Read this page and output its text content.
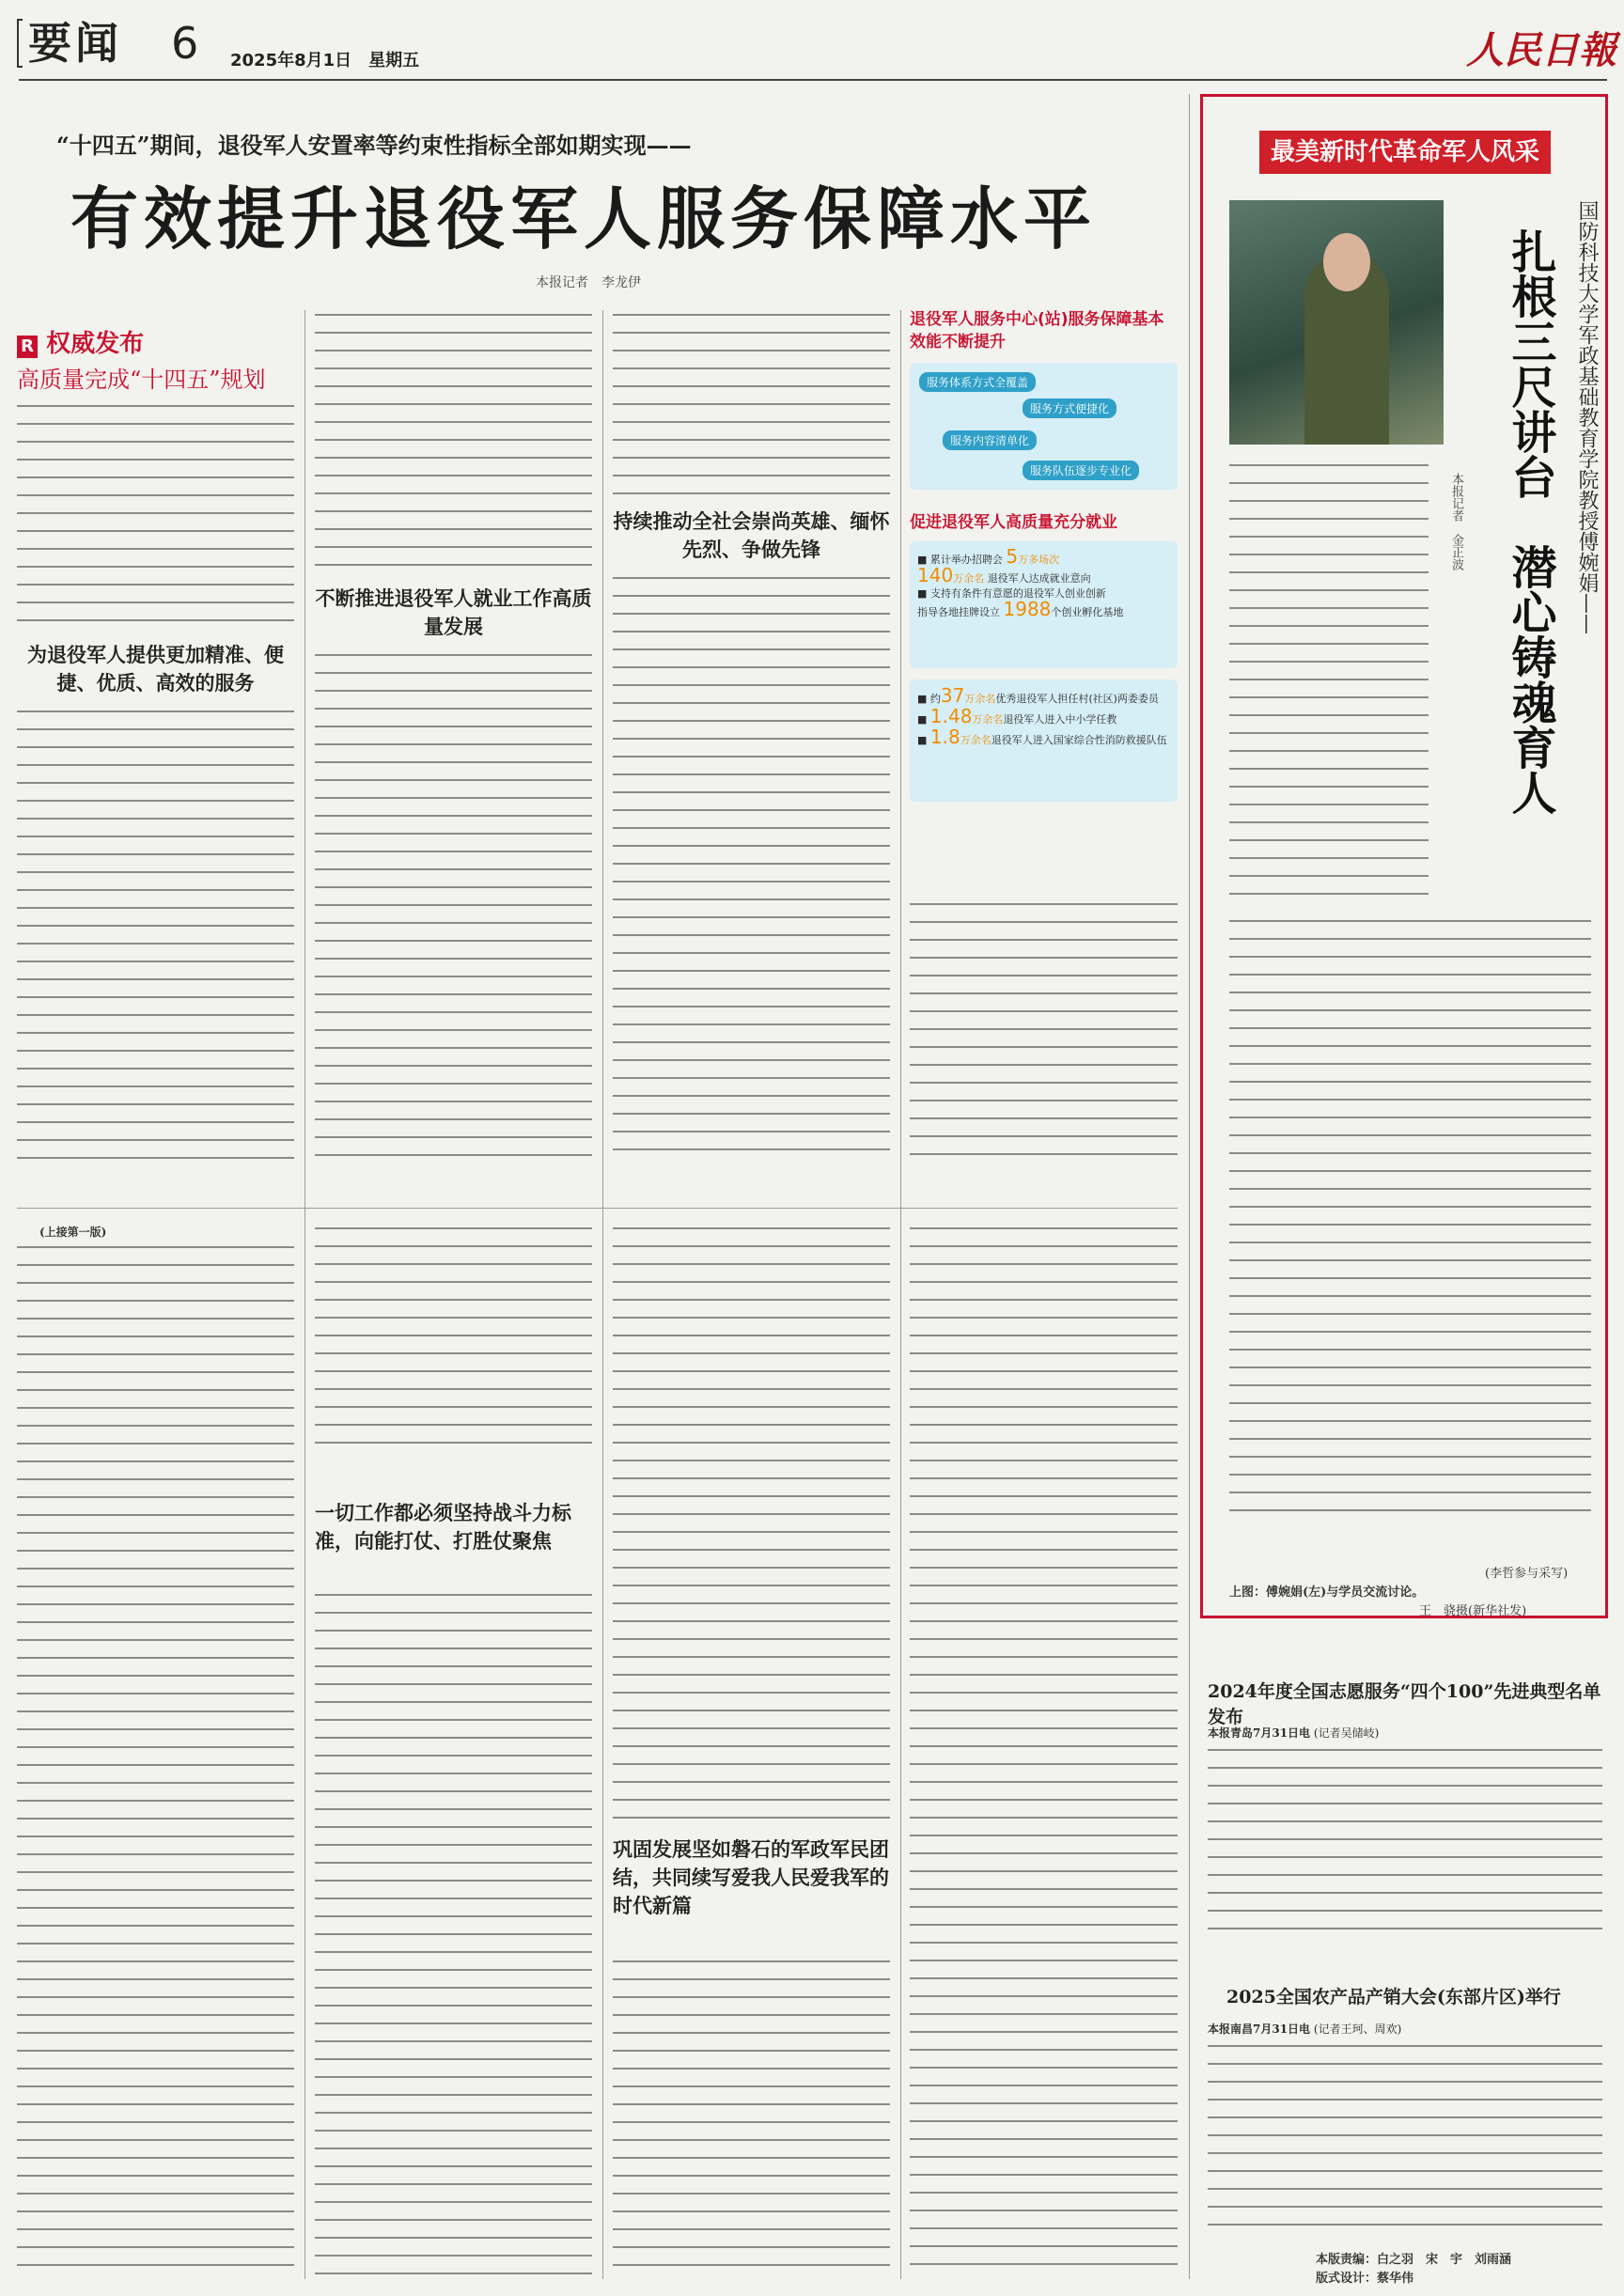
要闻 6 2025年8月1日　星期五	人民日報
“十四五”期间，退役军人安置率等约束性指标全部如期实现——
有效提升退役军人服务保障水平
本报记者　李龙伊
R 权威发布
高质量完成“十四五”规划
为退役军人提供更加精准、便捷、优质、高效的服务
不断推进退役军人就业工作高质量发展
持续推动全社会崇尚英雄、缅怀先烈、争做先锋
退役军人服务中心(站)服务保障基本效能不断提升
服务体系方式全覆盖
服务方式便捷化
服务内容清单化
服务队伍逐步专业化
促进退役军人高质量充分就业
■ 累计举办招聘会 5万多场次
140万余名 退役军人达成就业意向
■ 支持有条件有意愿的退役军人创业创新
指导各地挂牌设立 1988个创业孵化基地
■ 约37万余名优秀退役军人担任村(社区)两委委员
■ 1.48万余名退役军人进入中小学任教
■ 1.8万余名退役军人进入国家综合性消防救援队伍
(上接第一版)
一切工作都必须坚持战斗力标准，向能打仗、打胜仗聚焦
巩固发展坚如磐石的军政军民团结，共同续写爱我人民爱我军的时代新篇
最美新时代革命军人风采
国防科技大学军政基础教育学院教授傅婉娟——
扎根三尺讲台　潜心铸魂育人
本报记者　金正波
(李哲参与采写)
上图：傅婉娟(左)与学员交流讨论。
王　骁摄(新华社发)
2024年度全国志愿服务“四个100”先进典型名单发布
本报青岛7月31日电 (记者吴储岐)
2025全国农产品产销大会(东部片区)举行
本报南昌7月31日电 (记者王珂、周欢)
本版责编：白之羽　宋　宇　刘雨涵
版式设计：蔡华伟
